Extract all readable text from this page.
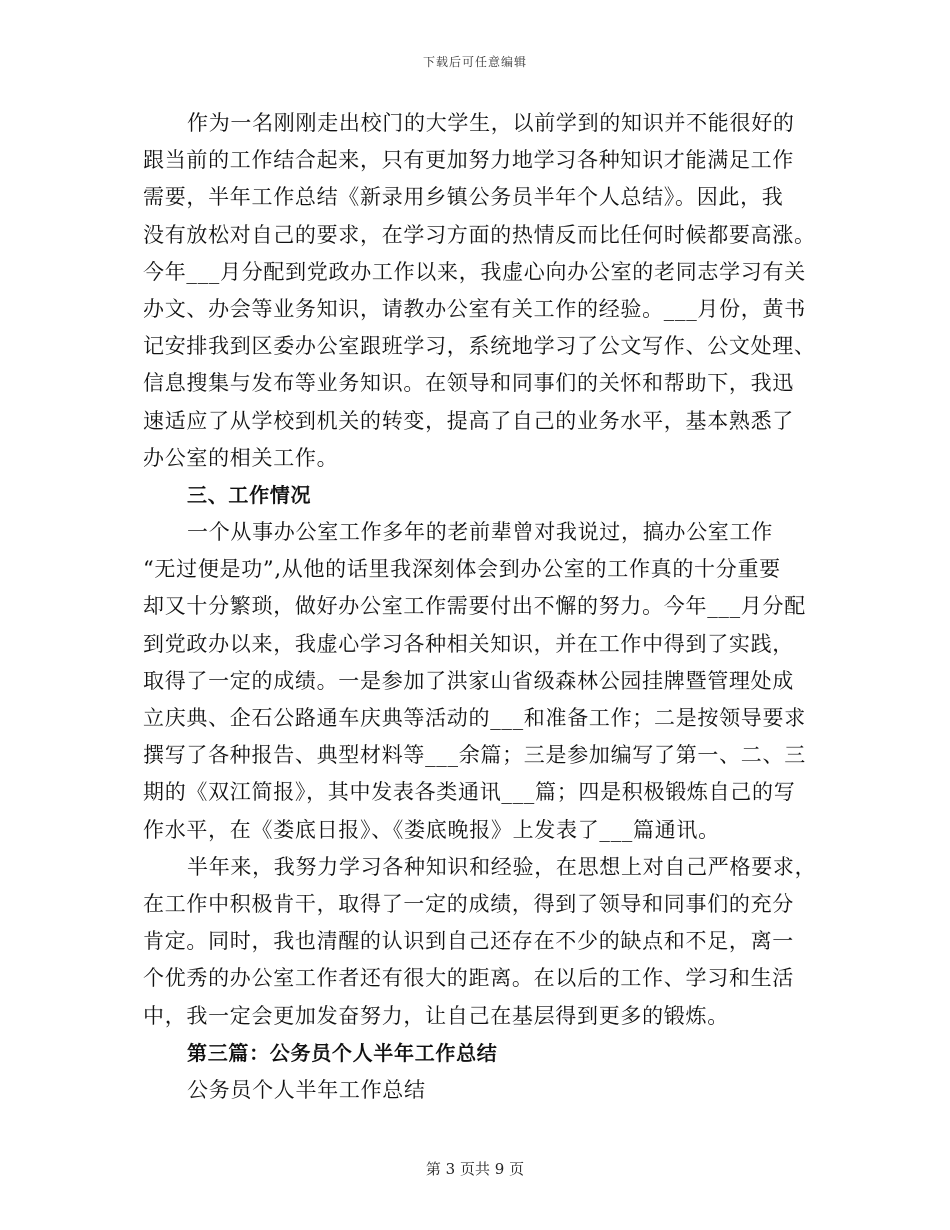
下载后可任意编辑
作为一名刚刚走出校门的大学生，以前学到的知识并不能很好的
跟当前的工作结合起来，只有更加努力地学习各种知识才能满足工作
需要，半年工作总结《新录用乡镇公务员半年个人总结》。因此，我
没有放松对自己的要求，在学习方面的热情反而比任何时候都要高涨。
今年___月分配到党政办工作以来，我虚心向办公室的老同志学习有关
办文、办会等业务知识，请教办公室有关工作的经验。___月份，黄书
记安排我到区委办公室跟班学习，系统地学习了公文写作、公文处理、
信息搜集与发布等业务知识。在领导和同事们的关怀和帮助下，我迅
速适应了从学校到机关的转变，提高了自己的业务水平，基本熟悉了
办公室的相关工作。
三、工作情况
一个从事办公室工作多年的老前辈曾对我说过，搞办公室工作
“无过便是功”,从他的话里我深刻体会到办公室的工作真的十分重要
却又十分繁琐，做好办公室工作需要付出不懈的努力。今年___月分配
到党政办以来，我虚心学习各种相关知识，并在工作中得到了实践，
取得了一定的成绩。一是参加了洪家山省级森林公园挂牌暨管理处成
立庆典、企石公路通车庆典等活动的___和准备工作；二是按领导要求
撰写了各种报告、典型材料等___余篇；三是参加编写了第一、二、三
期的《双江简报》，其中发表各类通讯___篇；四是积极锻炼自己的写
作水平，在《娄底日报》、《娄底晚报》上发表了___篇通讯。
半年来，我努力学习各种知识和经验，在思想上对自己严格要求，
在工作中积极肯干，取得了一定的成绩，得到了领导和同事们的充分
肯定。同时，我也清醒的认识到自己还存在不少的缺点和不足，离一
个优秀的办公室工作者还有很大的距离。在以后的工作、学习和生活
中，我一定会更加发奋努力，让自己在基层得到更多的锻炼。
第三篇：公务员个人半年工作总结
公务员个人半年工作总结
第 3 页共 9 页
